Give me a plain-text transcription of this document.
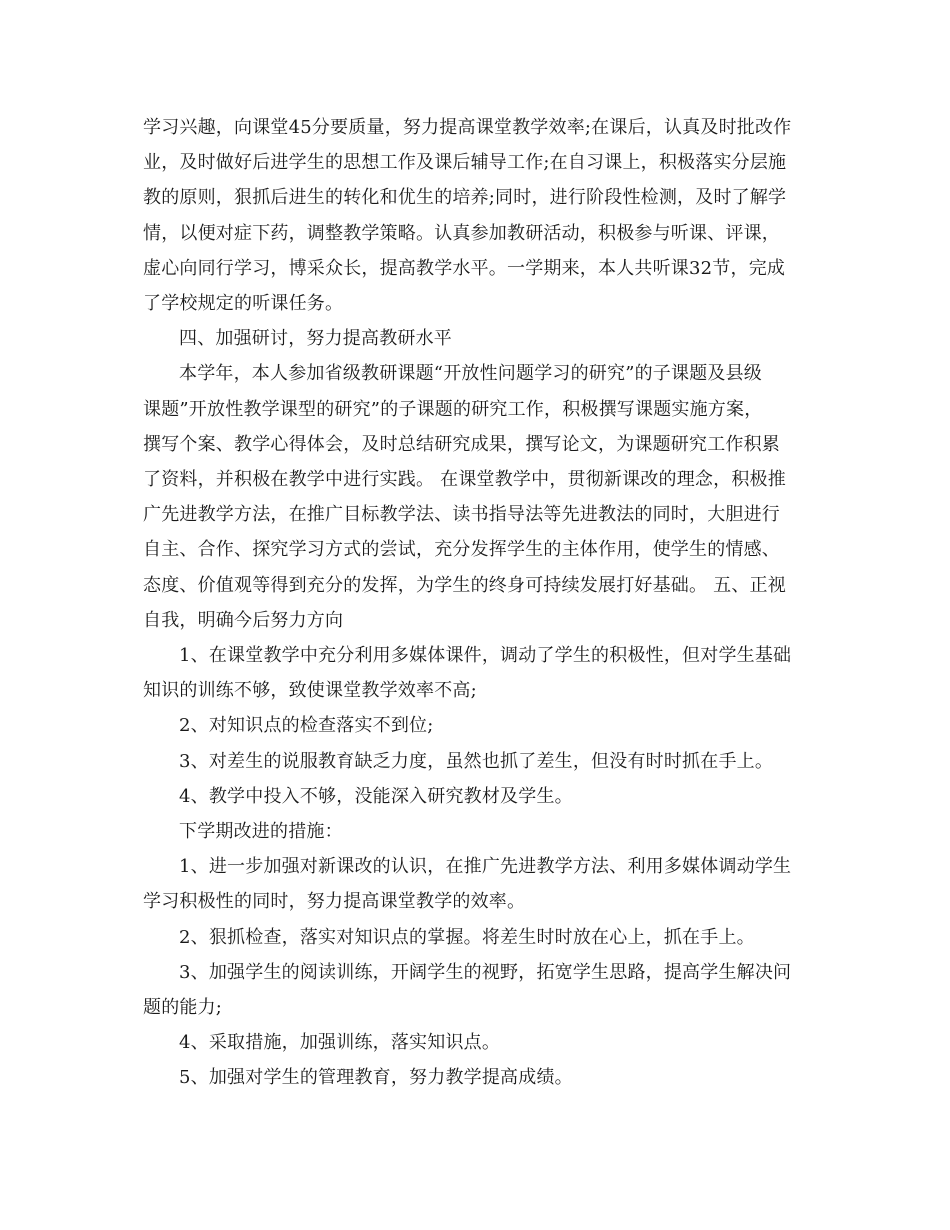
学习兴趣，向课堂45分要质量，努力提高课堂教学效率;在课后，认真及时批改作
业，及时做好后进学生的思想工作及课后辅导工作;在自习课上，积极落实分层施
教的原则，狠抓后进生的转化和优生的培养;同时，进行阶段性检测，及时了解学
情，以便对症下药，调整教学策略。认真参加教研活动，积极参与听课、评课，
虚心向同行学习，博采众长，提高教学水平。一学期来，本人共听课32节，完成
了学校规定的听课任务。

四、加强研讨，努力提高教研水平

本学年，本人参加省级教研课题“开放性问题学习的研究”的子课题及县级
课题”开放性教学课型的研究”的子课题的研究工作，积极撰写课题实施方案，
撰写个案、教学心得体会，及时总结研究成果，撰写论文，为课题研究工作积累
了资料，并积极在教学中进行实践。 在课堂教学中，贯彻新课改的理念，积极推
广先进教学方法，在推广目标教学法、读书指导法等先进教法的同时，大胆进行
自主、合作、探究学习方式的尝试，充分发挥学生的主体作用，使学生的情感、
态度、价值观等得到充分的发挥，为学生的终身可持续发展打好基础。 五、正视
自我，明确今后努力方向

1、在课堂教学中充分利用多媒体课件，调动了学生的积极性，但对学生基础
知识的训练不够，致使课堂教学效率不高;

2、对知识点的检查落实不到位;

3、对差生的说服教育缺乏力度，虽然也抓了差生，但没有时时抓在手上。

4、教学中投入不够，没能深入研究教材及学生。

下学期改进的措施：

1、进一步加强对新课改的认识，在推广先进教学方法、利用多媒体调动学生
学习积极性的同时，努力提高课堂教学的效率。

2、狠抓检查，落实对知识点的掌握。将差生时时放在心上，抓在手上。

3、加强学生的阅读训练，开阔学生的视野，拓宽学生思路，提高学生解决问
题的能力;

4、采取措施，加强训练，落实知识点。

5、加强对学生的管理教育，努力教学提高成绩。
